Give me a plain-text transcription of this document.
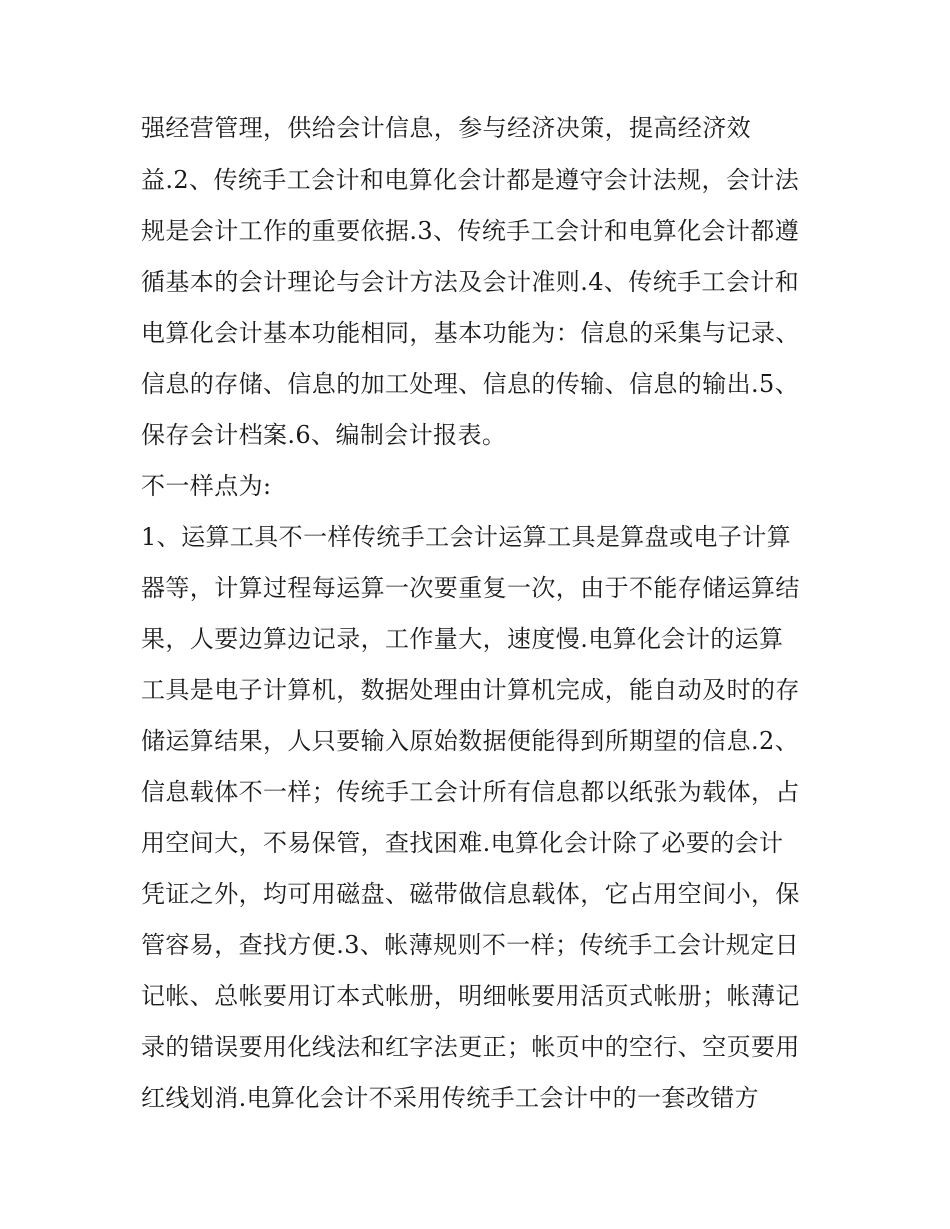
强经营管理，供给会计信息，参与经济决策，提高经济效
益.2、传统手工会计和电算化会计都是遵守会计法规，会计法
规是会计工作的重要依据.3、传统手工会计和电算化会计都遵
循基本的会计理论与会计方法及会计准则.4、传统手工会计和
电算化会计基本功能相同，基本功能为：信息的采集与记录、
信息的存储、信息的加工处理、信息的传输、信息的输出.5、
保存会计档案.6、编制会计报表。
不一样点为:
1、运算工具不一样传统手工会计运算工具是算盘或电子计算
器等，计算过程每运算一次要重复一次，由于不能存储运算结
果，人要边算边记录，工作量大，速度慢.电算化会计的运算
工具是电子计算机，数据处理由计算机完成，能自动及时的存
储运算结果，人只要输入原始数据便能得到所期望的信息.2、
信息载体不一样；传统手工会计所有信息都以纸张为载体，占
用空间大，不易保管，查找困难.电算化会计除了必要的会计
凭证之外，均可用磁盘、磁带做信息载体，它占用空间小，保
管容易，查找方便.3、帐薄规则不一样；传统手工会计规定日
记帐、总帐要用订本式帐册，明细帐要用活页式帐册；帐薄记
录的错误要用化线法和红字法更正；帐页中的空行、空页要用
红线划消.电算化会计不采用传统手工会计中的一套改错方
